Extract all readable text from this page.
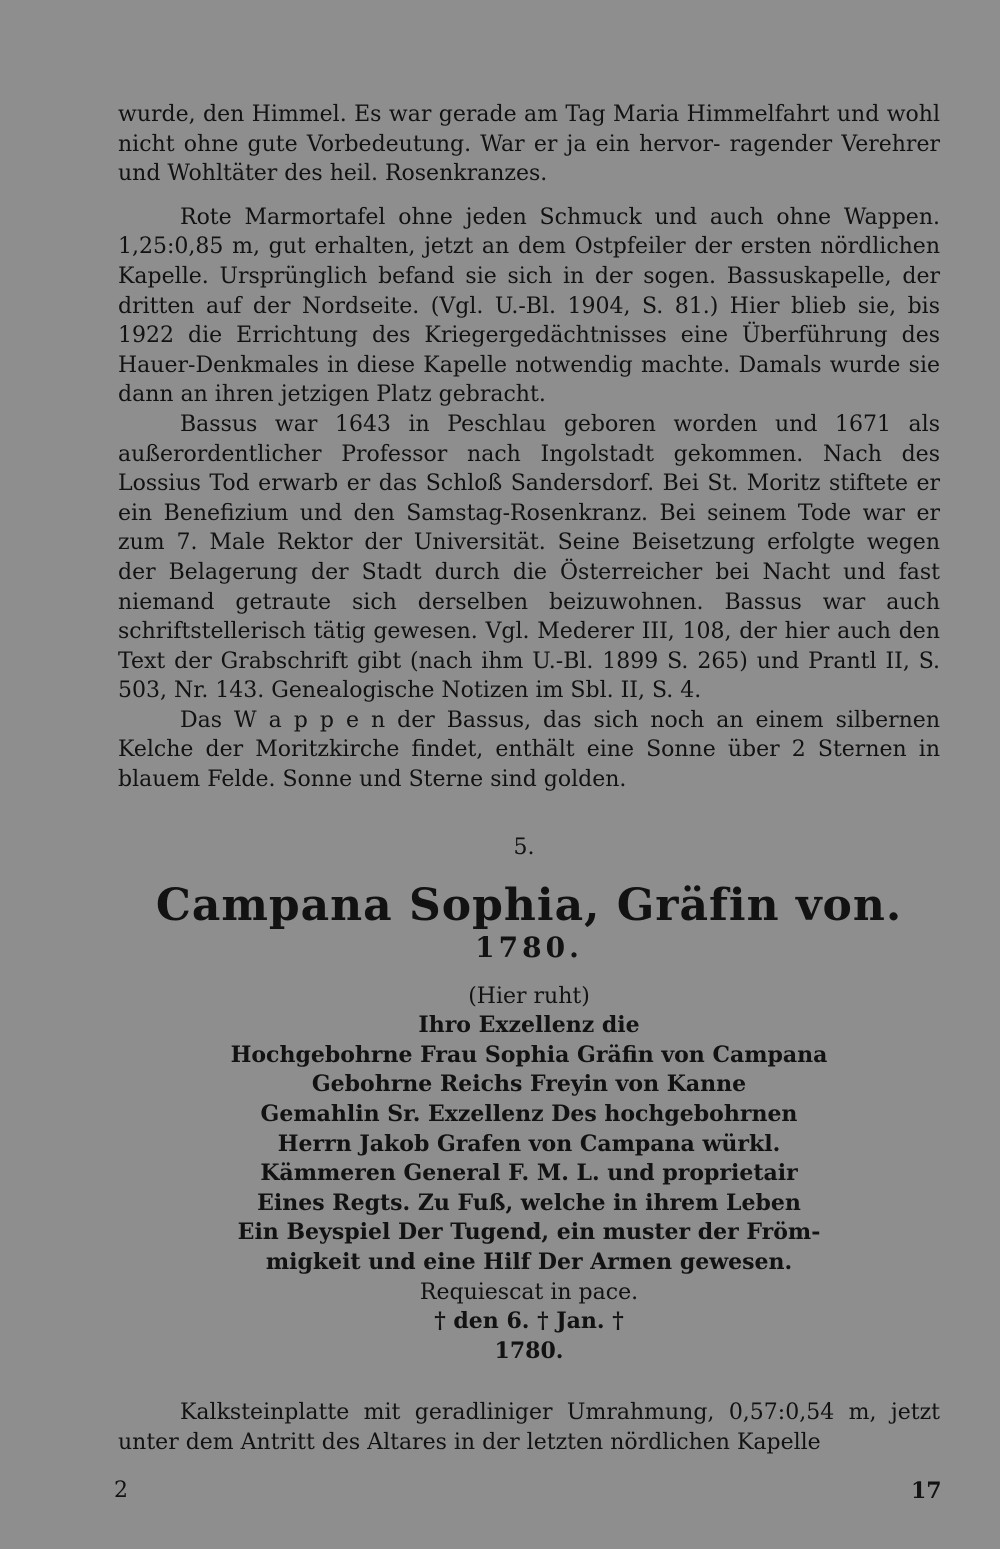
wurde, den Himmel. Es war gerade am Tag Maria Himmelfahrt und wohl nicht ohne gute Vorbedeutung. War er ja ein hervor- ragender Verehrer und Wohltäter des heil. Rosenkranzes.

Rote Marmortafel ohne jeden Schmuck und auch ohne Wappen. 1,25:0,85 m, gut erhalten, jetzt an dem Ostpfeiler der ersten nördlichen Kapelle. Ursprünglich befand sie sich in der sogen. Bassuskapelle, der dritten auf der Nordseite. (Vgl. U.-Bl. 1904, S. 81.) Hier blieb sie, bis 1922 die Errichtung des Kriegergedächtnisses eine Überführung des Hauer-Denkmales in diese Kapelle notwendig machte. Damals wurde sie dann an ihren jetzigen Platz gebracht.

Bassus war 1643 in Peschlau geboren worden und 1671 als außerordentlicher Professor nach Ingolstadt gekommen. Nach des Lossius Tod erwarb er das Schloß Sandersdorf. Bei St. Moritz stiftete er ein Benefizium und den Samstag-Rosenkranz. Bei seinem Tode war er zum 7. Male Rektor der Universität. Seine Beisetzung erfolgte wegen der Belagerung der Stadt durch die Österreicher bei Nacht und fast niemand getraute sich derselben beizuwohnen. Bassus war auch schriftstellerisch tätig gewesen. Vgl. Mederer III, 108, der hier auch den Text der Grabschrift gibt (nach ihm U.-Bl. 1899 S. 265) und Prantl II, S. 503, Nr. 143. Genealogische Notizen im Sbl. II, S. 4.

Das W a p p e n der Bassus, das sich noch an einem silbernen Kelche der Moritzkirche findet, enthält eine Sonne über 2 Sternen in blauem Felde. Sonne und Sterne sind golden.

5.
Campana Sophia, Gräfin von.
1780.
(Hier ruht)
Ihro Exzellenz die
Hochgebohrne Frau Sophia Gräfin von Campana
Gebohrne Reichs Freyin von Kanne
Gemahlin Sr. Exzellenz Des hochgebohrnen
Herrn Jakob Grafen von Campana würkl.
Kämmeren General F. M. L. und proprietair
Eines Regts. Zu Fuß, welche in ihrem Leben
Ein Beyspiel Der Tugend, ein muster der Fröm-
migkeit und eine Hilf Der Armen gewesen.
Requiescat in pace.
† den 6. † Jan. †
1780.

Kalksteinplatte mit geradliniger Umrahmung, 0,57:0,54 m, jetzt unter dem Antritt des Altares in der letzten nördlichen Kapelle

2	17
